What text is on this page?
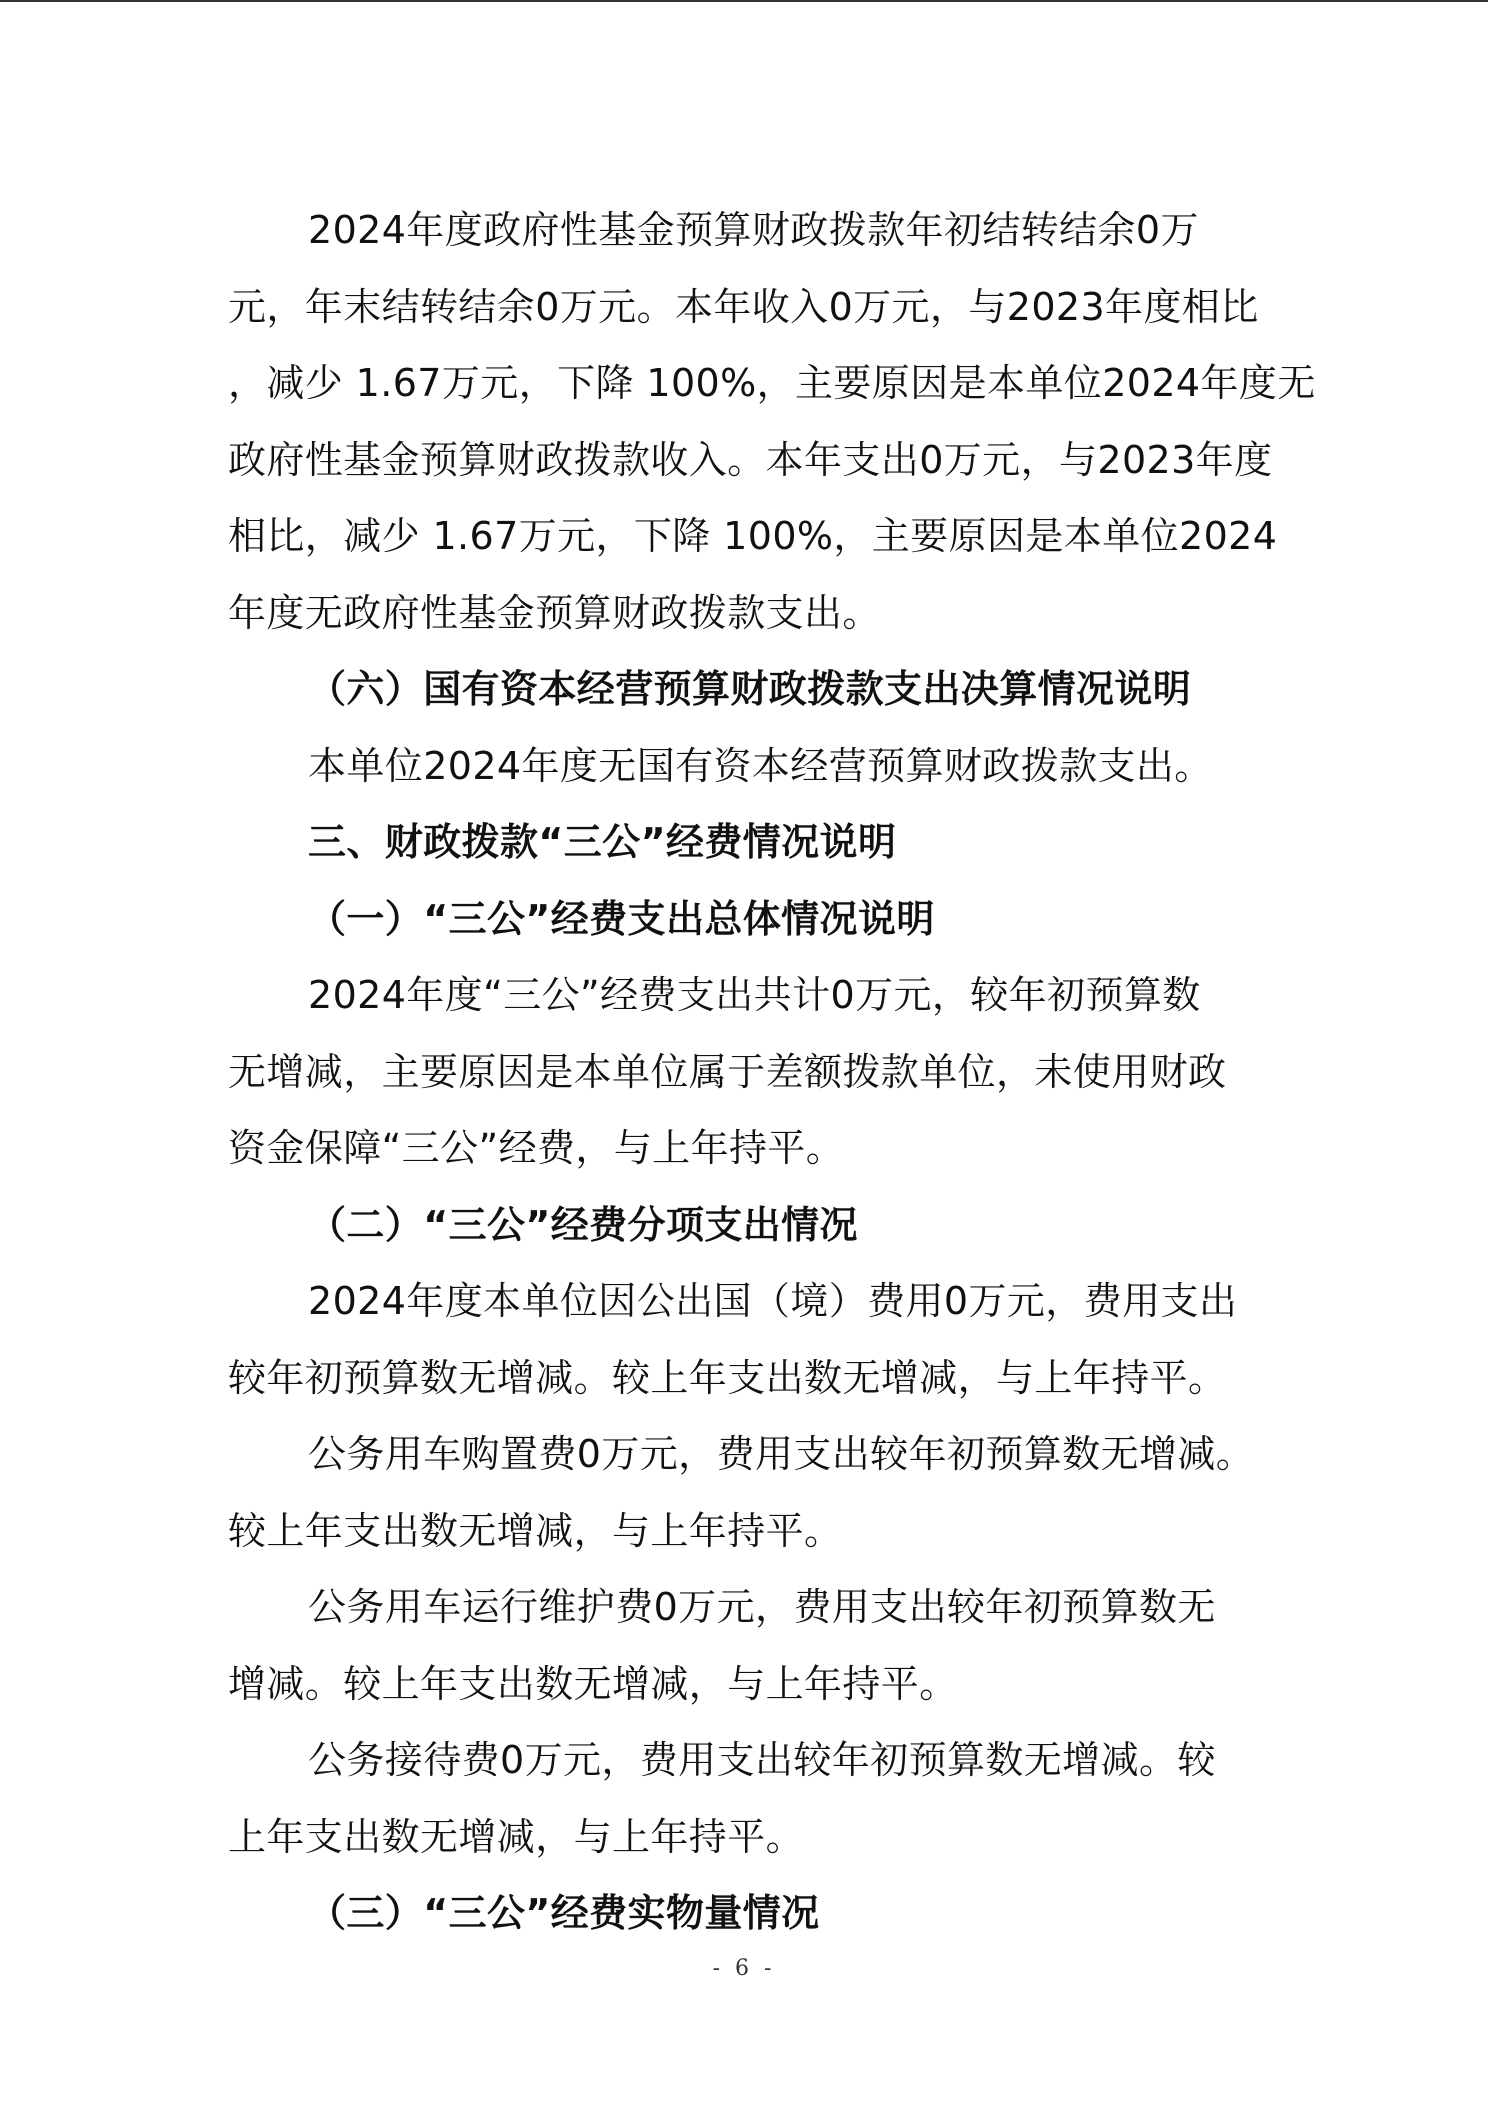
2024年度政府性基金预算财政拨款年初结转结余0万
元，年末结转结余0万元。本年收入0万元，与2023年度相比
，减少 1.67万元，下降 100%，主要原因是本单位2024年度无
政府性基金预算财政拨款收入。本年支出0万元，与2023年度
相比，减少 1.67万元，下降 100%，主要原因是本单位2024
年度无政府性基金预算财政拨款支出。
（六）国有资本经营预算财政拨款支出决算情况说明
本单位2024年度无国有资本经营预算财政拨款支出。
三、财政拨款“三公”经费情况说明
（一）“三公”经费支出总体情况说明
2024年度“三公”经费支出共计0万元，较年初预算数
无增减，主要原因是本单位属于差额拨款单位，未使用财政
资金保障“三公”经费，与上年持平。
（二）“三公”经费分项支出情况
2024年度本单位因公出国（境）费用0万元，费用支出
较年初预算数无增减。较上年支出数无增减，与上年持平。
公务用车购置费0万元，费用支出较年初预算数无增减。
较上年支出数无增减，与上年持平。
公务用车运行维护费0万元，费用支出较年初预算数无
增减。较上年支出数无增减，与上年持平。
公务接待费0万元，费用支出较年初预算数无增减。较
上年支出数无增减，与上年持平。
（三）“三公”经费实物量情况
- 6 -
